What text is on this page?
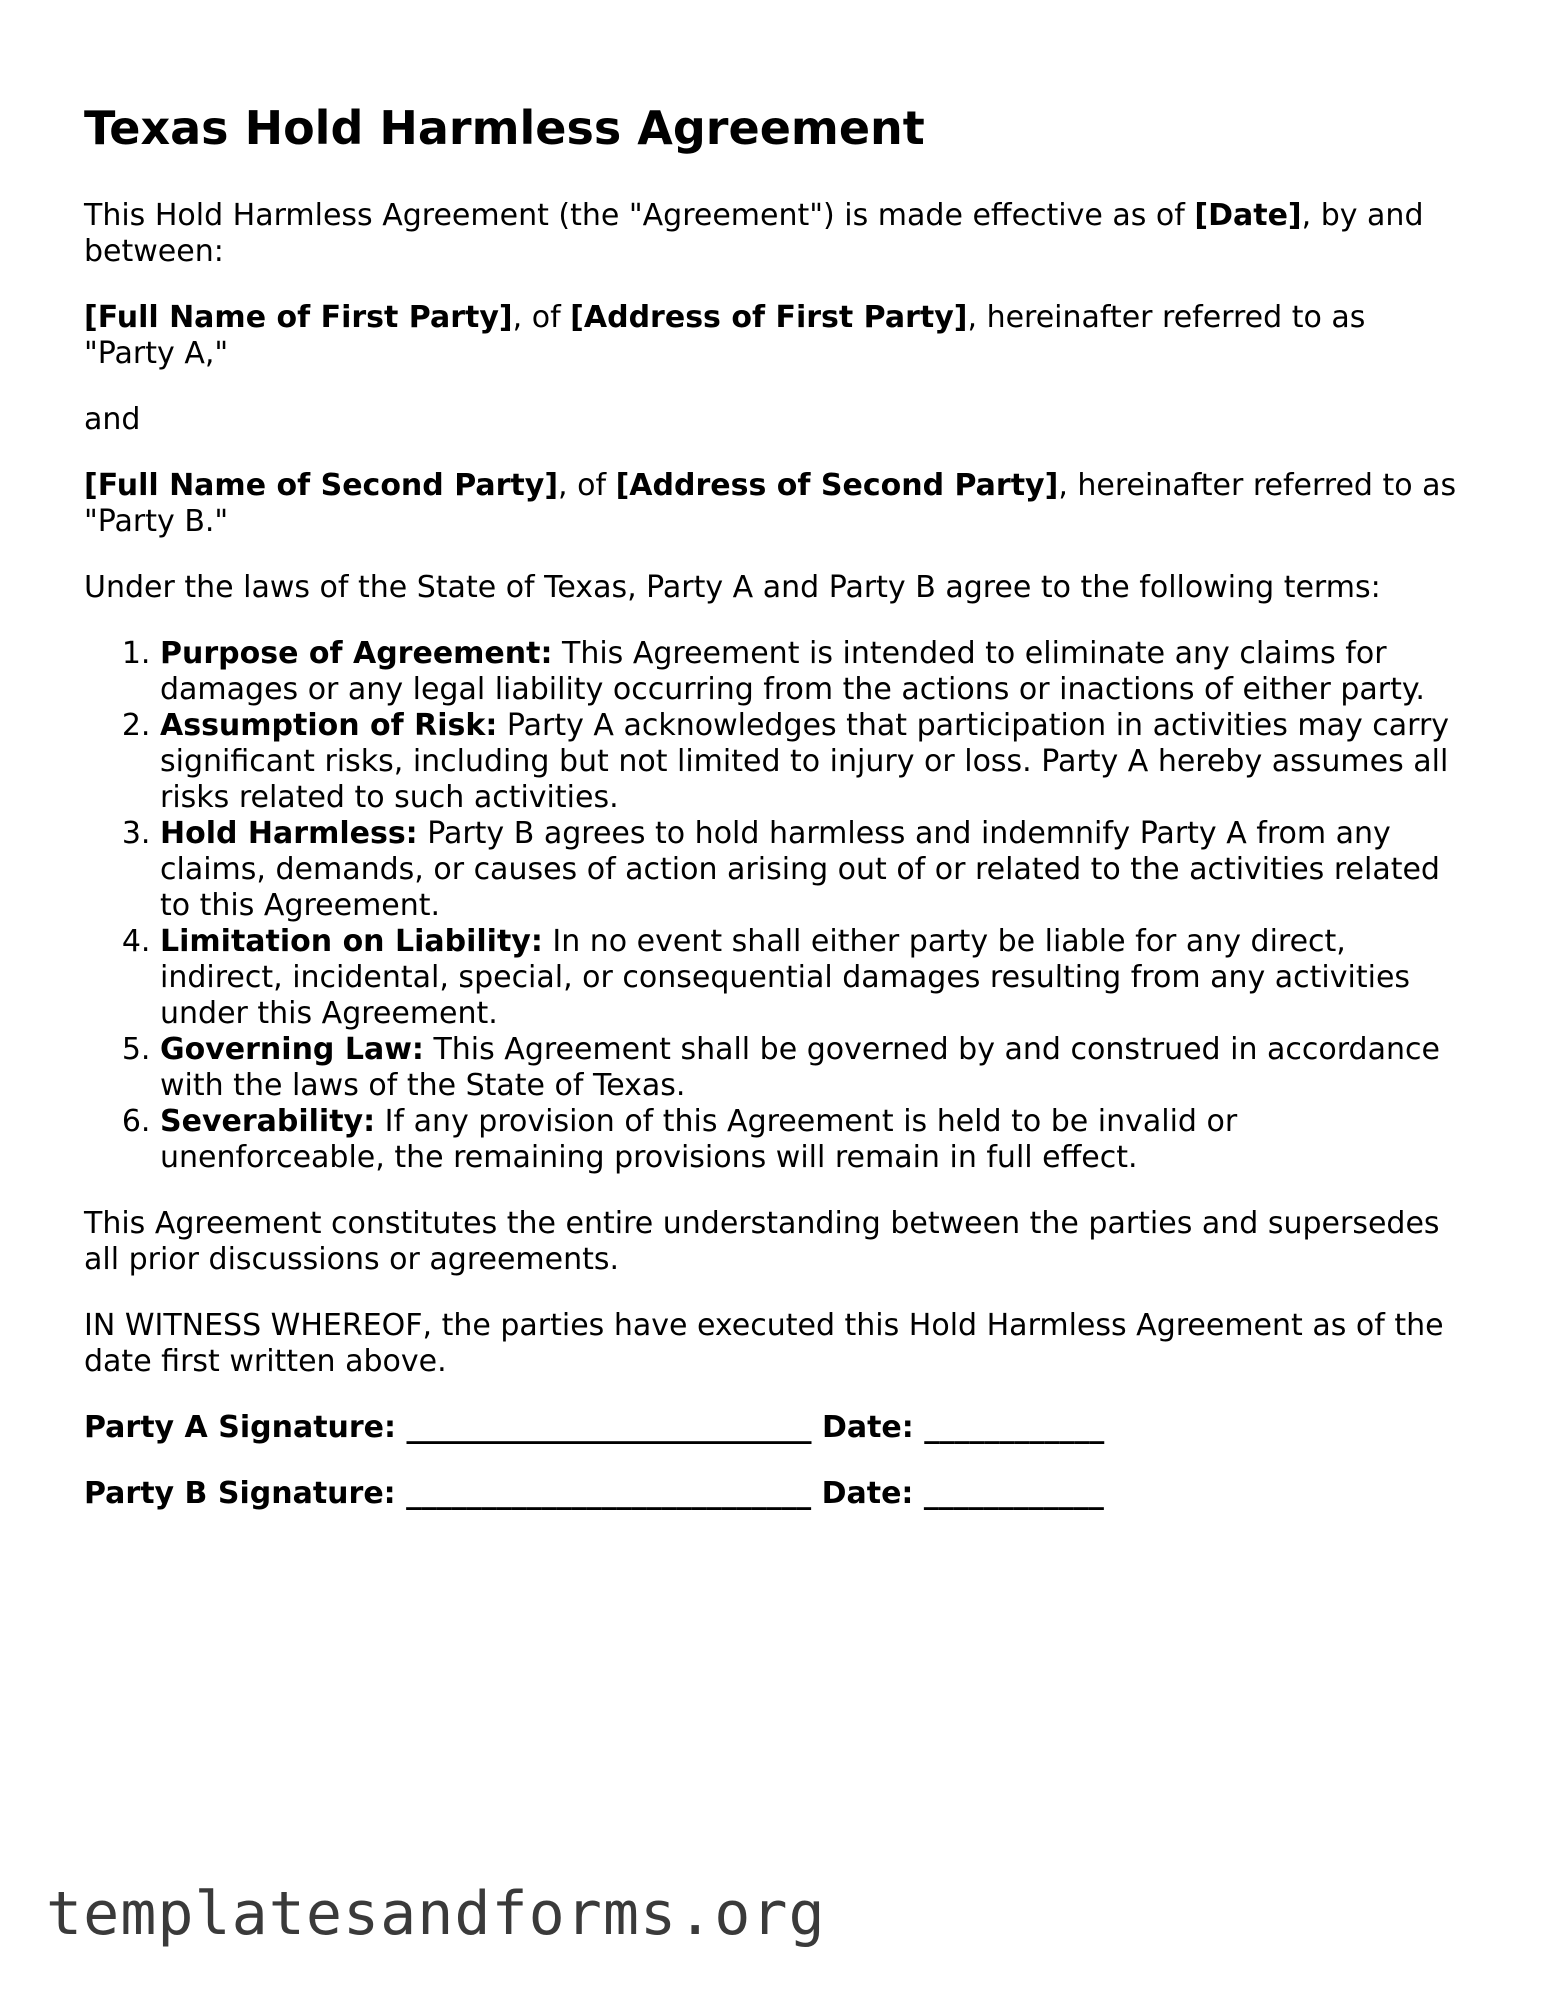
Texas Hold Harmless Agreement

This Hold Harmless Agreement (the "Agreement") is made effective as of [Date], by and between:

[Full Name of First Party], of [Address of First Party], hereinafter referred to as "Party A,"

and

[Full Name of Second Party], of [Address of Second Party], hereinafter referred to as "Party B."

Under the laws of the State of Texas, Party A and Party B agree to the following terms:

1. Purpose of Agreement: This Agreement is intended to eliminate any claims for damages or any legal liability occurring from the actions or inactions of either party.
2. Assumption of Risk: Party A acknowledges that participation in activities may carry significant risks, including but not limited to injury or loss. Party A hereby assumes all risks related to such activities.
3. Hold Harmless: Party B agrees to hold harmless and indemnify Party A from any claims, demands, or causes of action arising out of or related to the activities related to this Agreement.
4. Limitation on Liability: In no event shall either party be liable for any direct, indirect, incidental, special, or consequential damages resulting from any activities under this Agreement.
5. Governing Law: This Agreement shall be governed by and construed in accordance with the laws of the State of Texas.
6. Severability: If any provision of this Agreement is held to be invalid or unenforceable, the remaining provisions will remain in full effect.

This Agreement constitutes the entire understanding between the parties and supersedes all prior discussions or agreements.

IN WITNESS WHEREOF, the parties have executed this Hold Harmless Agreement as of the date first written above.

Party A Signature: ___________________________ Date: ____________
Party B Signature: ___________________________ Date: ____________
templatesandforms.org
